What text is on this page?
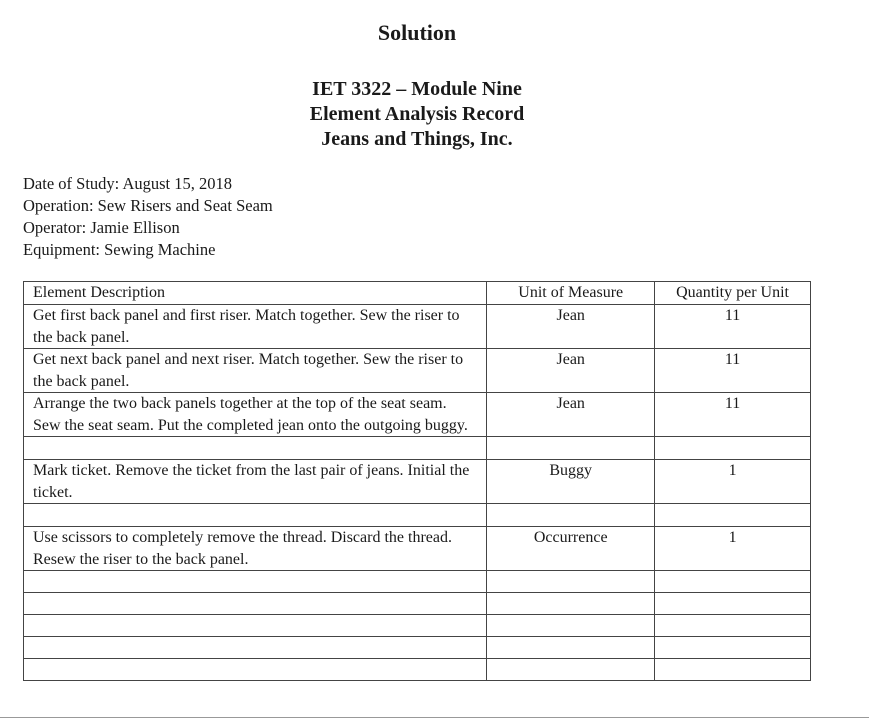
Solution
IET 3322 – Module Nine
Element Analysis Record
Jeans and Things, Inc.
Date of Study: August 15, 2018
Operation: Sew Risers and Seat Seam
Operator: Jamie Ellison
Equipment: Sewing Machine
Element Description	Unit of Measure	Quantity per Unit
Get first back panel and first riser. Match together. Sew the riser to the back panel.	Jean	11
Get next back panel and next riser. Match together. Sew the riser to the back panel.	Jean	11
Arrange the two back panels together at the top of the seat seam. Sew the seat seam. Put the completed jean onto the outgoing buggy.	Jean	11

Mark ticket. Remove the ticket from the last pair of jeans. Initial the ticket.	Buggy	1

Use scissors to completely remove the thread. Discard the thread. Resew the riser to the back panel.	Occurrence	1
